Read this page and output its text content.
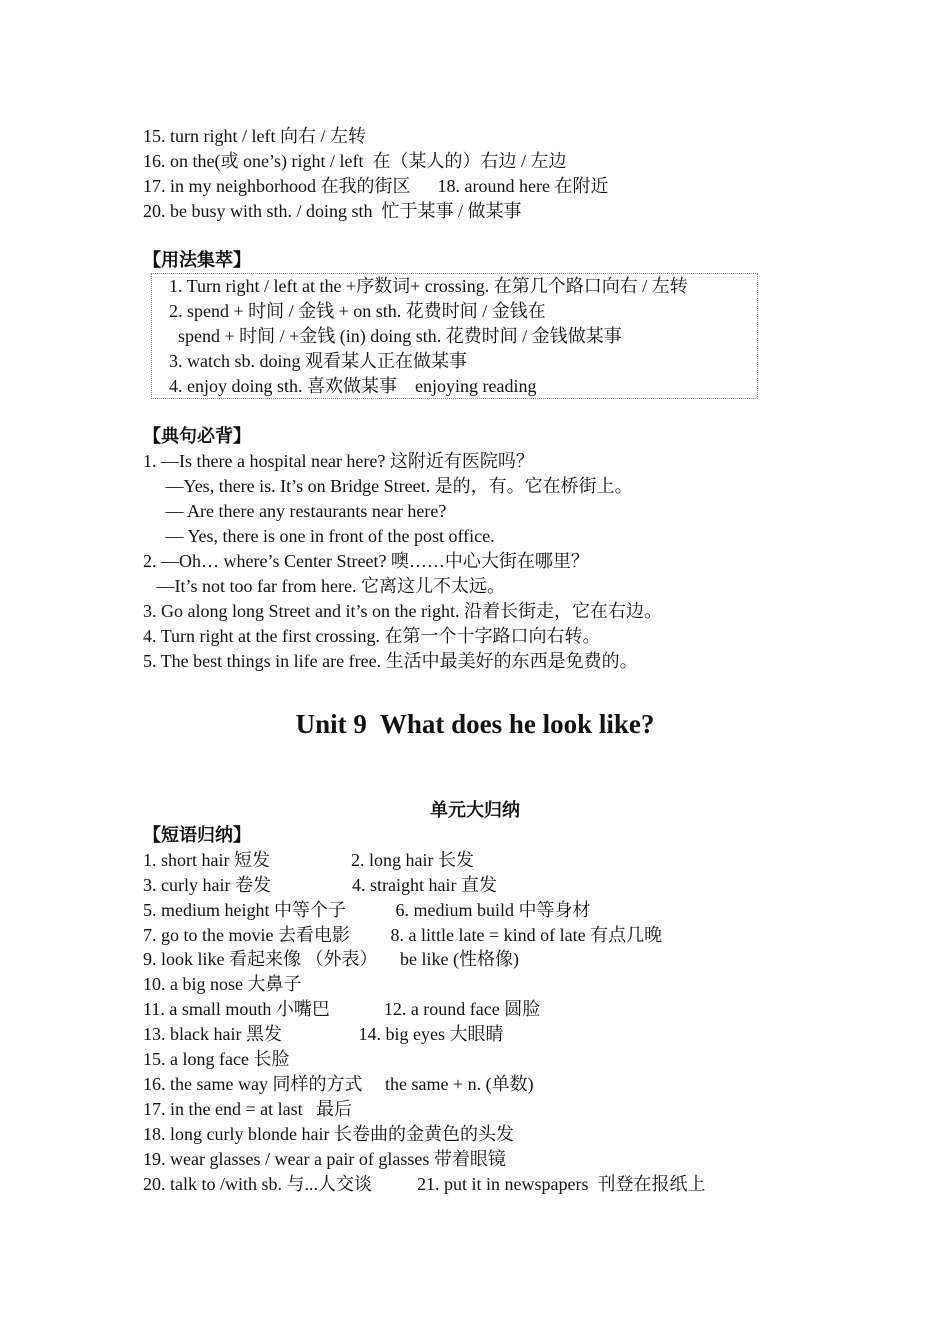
15. turn right / left 向右 / 左转
16. on the(或 one’s) right / left  在（某人的）右边 / 左边
17. in my neighborhood 在我的街区      18. around here 在附近
20. be busy with sth. / doing sth  忙于某事 / 做某事
【用法集萃】
1. Turn right / left at the +序数词+ crossing. 在第几个路口向右 / 左转
2. spend + 时间 / 金钱 + on sth. 花费时间 / 金钱在
spend + 时间 / +金钱 (in) doing sth. 花费时间 / 金钱做某事
3. watch sb. doing 观看某人正在做某事
4. enjoy doing sth. 喜欢做某事    enjoying reading
【典句必背】
1. —Is there a hospital near here? 这附近有医院吗？
—Yes, there is. It’s on Bridge Street. 是的，有。它在桥街上。
— Are there any restaurants near here?
— Yes, there is one in front of the post office.
2. —Oh… where’s Center Street? 噢……中心大街在哪里？
—It’s not too far from here. 它离这儿不太远。
3. Go along long Street and it’s on the right. 沿着长街走，它在右边。
4. Turn right at the first crossing. 在第一个十字路口向右转。
5. The best things in life are free. 生活中最美好的东西是免费的。
Unit 9  What does he look like?
单元大归纳
【短语归纳】
1. short hair 短发                  2. long hair 长发
3. curly hair 卷发                  4. straight hair 直发
5. medium height 中等个子           6. medium build 中等身材
7. go to the movie 去看电影         8. a little late = kind of late 有点几晚
9. look like 看起来像 （外表）     be like (性格像)
10. a big nose 大鼻子
11. a small mouth 小嘴巴            12. a round face 圆脸
13. black hair 黑发                 14. big eyes 大眼睛
15. a long face 长脸
16. the same way 同样的方式     the same + n. (单数)
17. in the end = at last   最后
18. long curly blonde hair 长卷曲的金黄色的头发
19. wear glasses / wear a pair of glasses 带着眼镜
20. talk to /with sb. 与...人交谈          21. put it in newspapers  刊登在报纸上
